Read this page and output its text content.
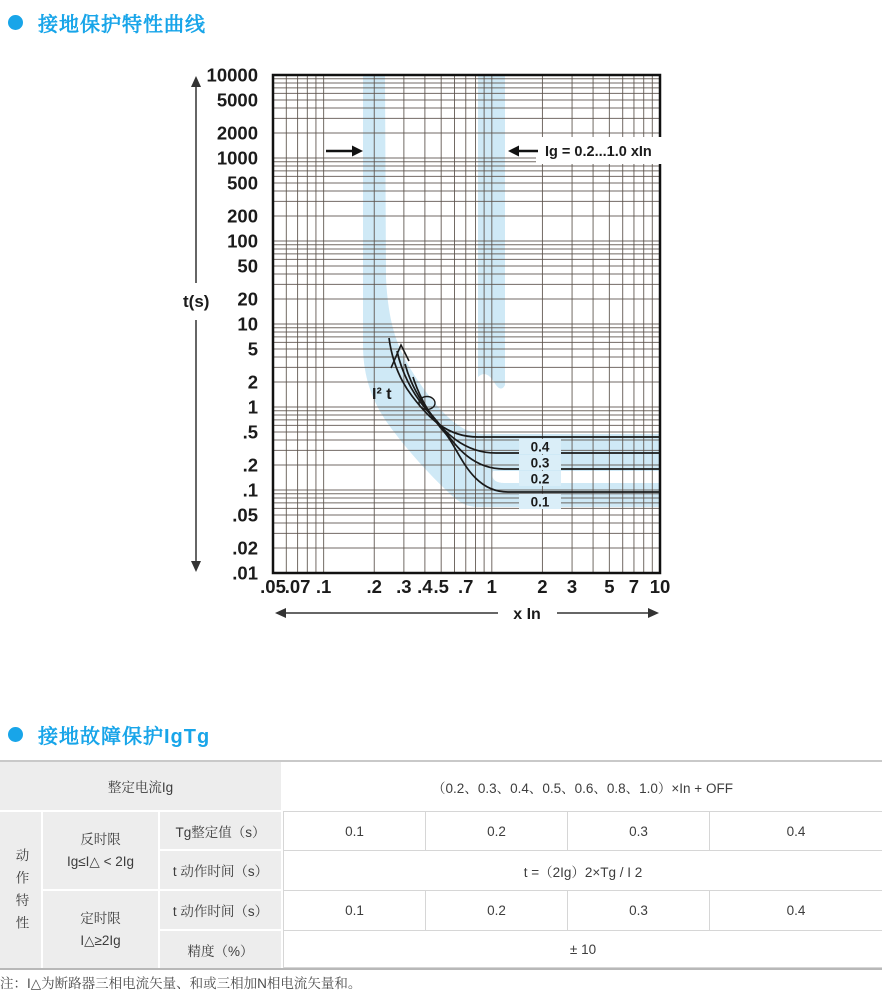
接地保护特性曲线
0.4
0.3
0.2
0.1
I² t
Ig = 0.2...1.0 xIn
10000
5000
2000
1000
500
200
100
50
20
10
5
2
1
.5
.2
.1
.05
.02
.01
.05
.07 .1 .2 .3 .4 .5 .7 1 2 3 5 7 10
t(s)
x In
接地故障保护IgTg
整定电流Ig	（0.2、0.3、0.4、0.5、0.6、0.8、1.0）×In + OFF
动作特性
反时限
Ig≤I△ < 2Ig
定时限
I△≥2Ig
Tg整定值（s）	0.1	0.2	0.3	0.4
t 动作时间（s）	t =（2Ig）2×Tg / I 2
t 动作时间（s）	0.1	0.2	0.3	0.4
精度（%）	± 10
注：I△为断路器三相电流矢量、和或三相加N相电流矢量和。
